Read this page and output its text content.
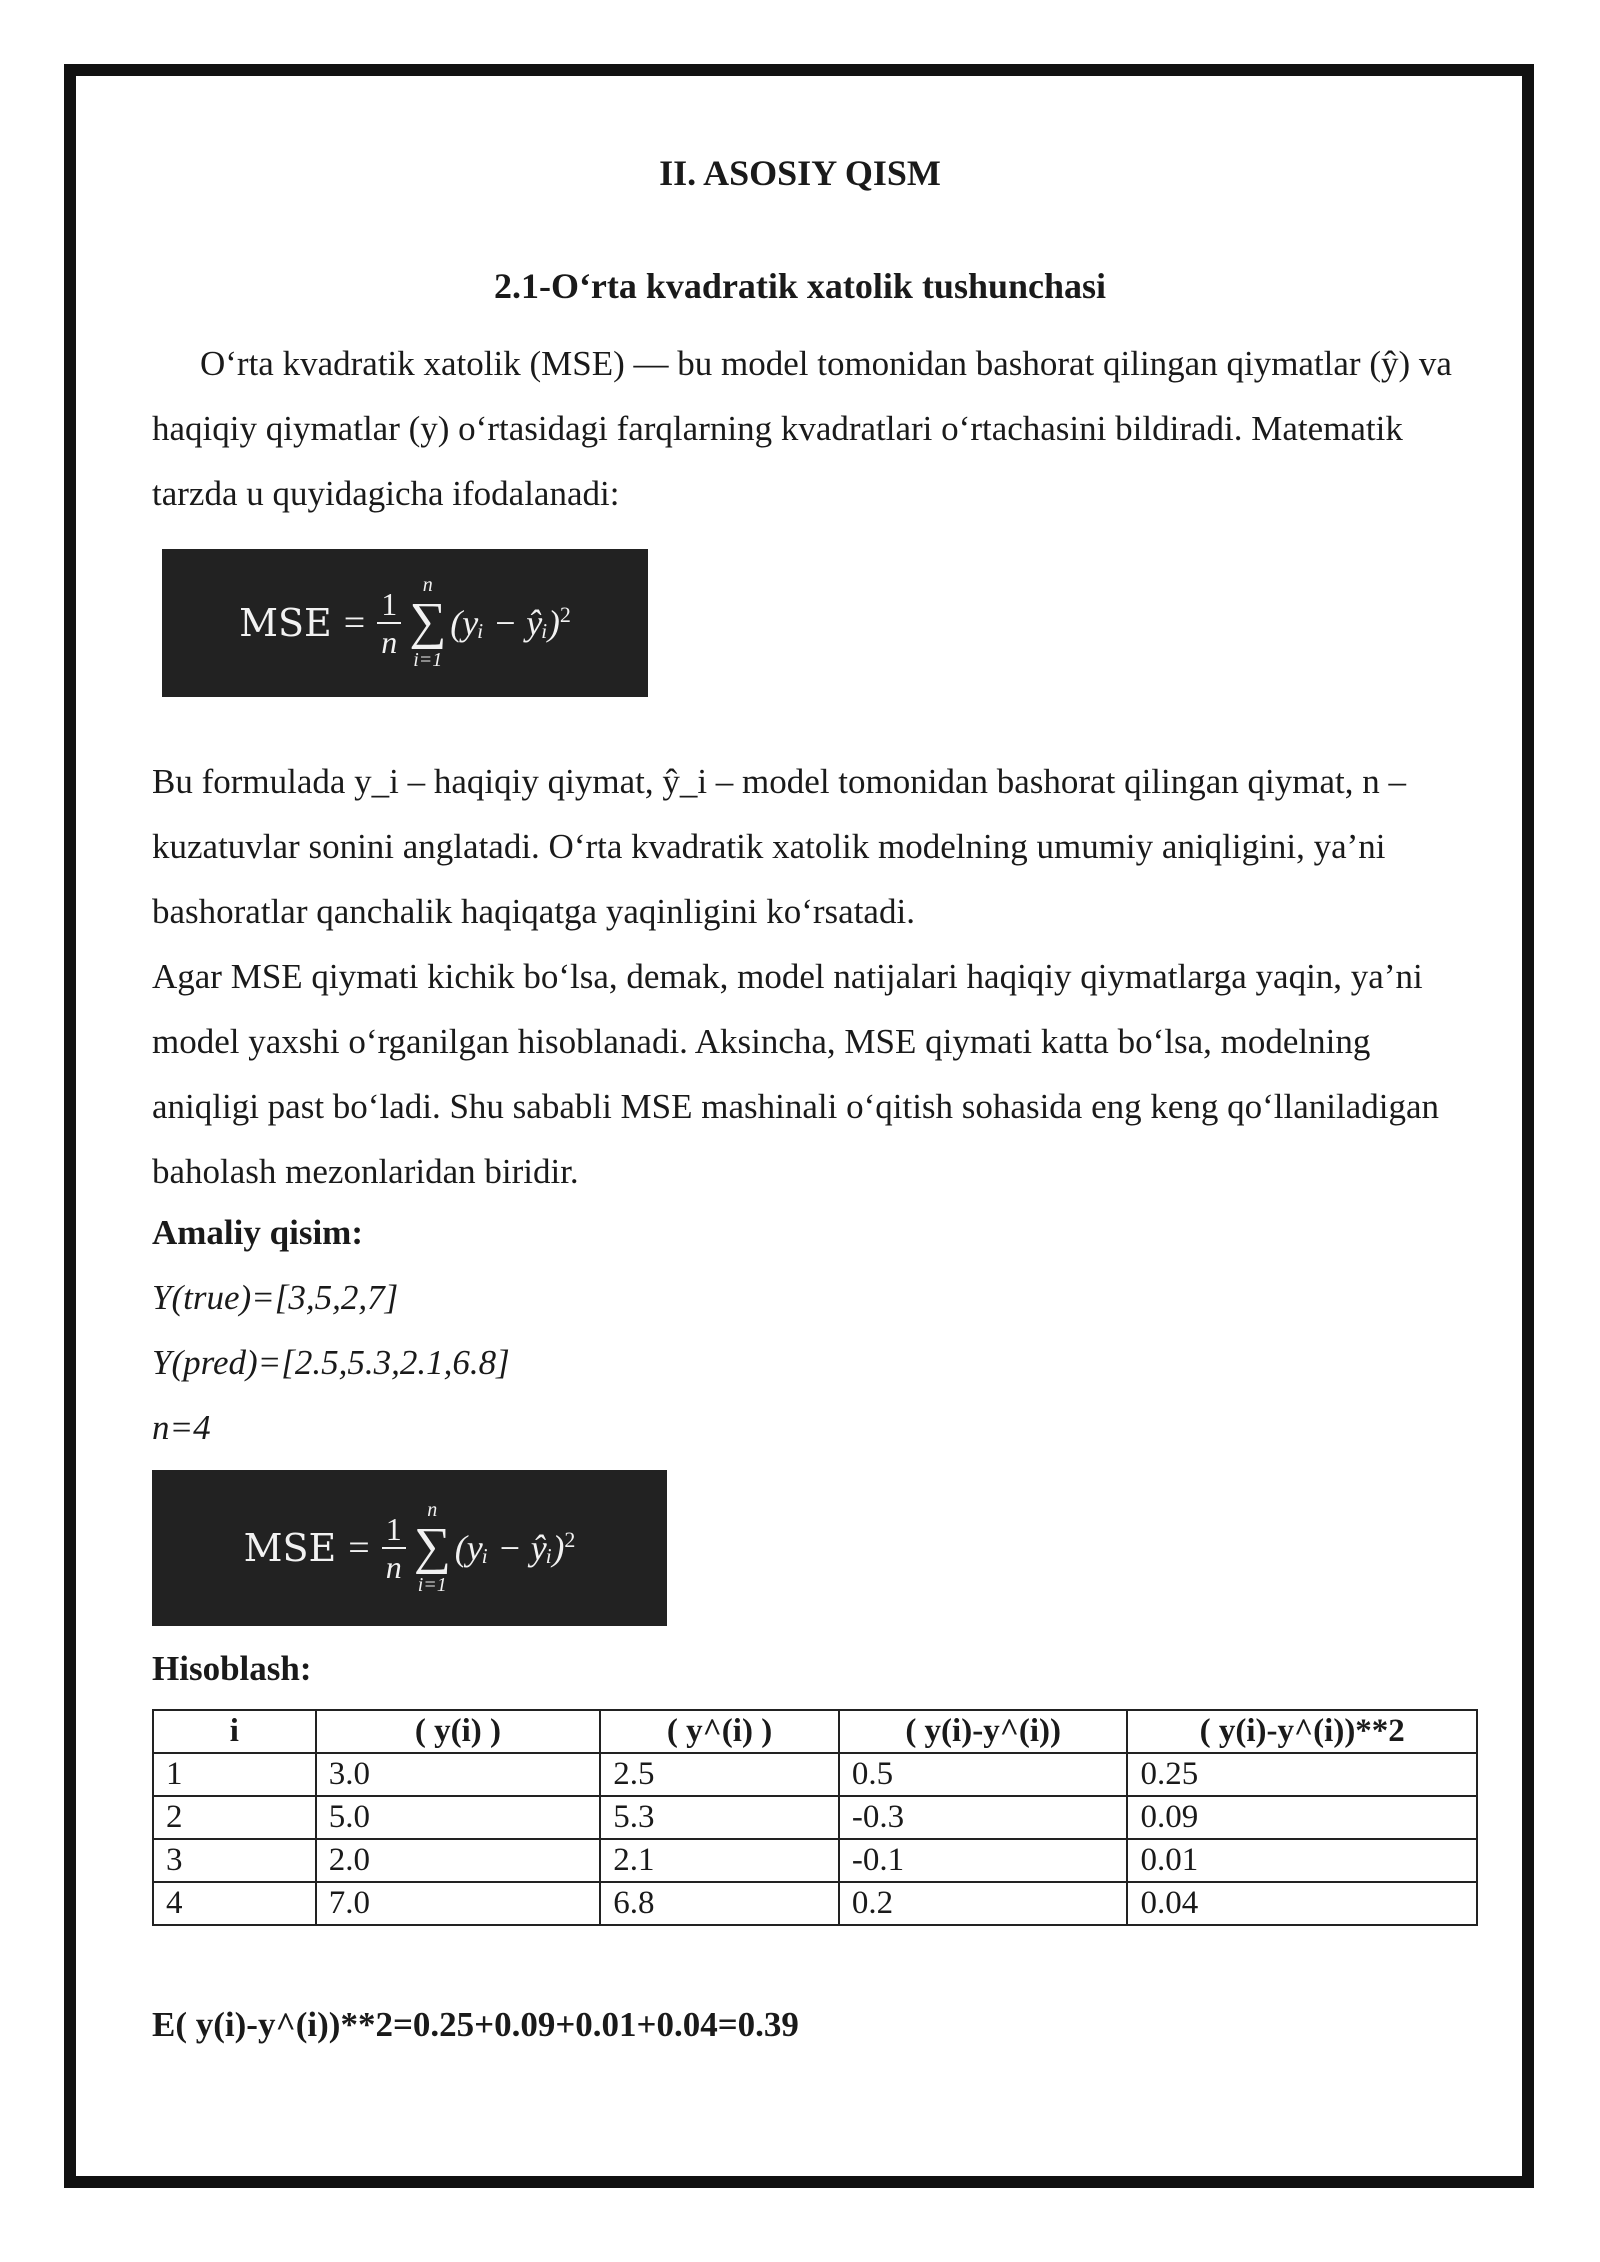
II. ASOSIY QISM
2.1-O‘rta kvadratik xatolik tushunchasi

O‘rta kvadratik xatolik (MSE) — bu model tomonidan bashorat qilingan qiymatlar (ŷ) va haqiqiy qiymatlar (y) o‘rtasidagi farqlarning kvadratlari o‘rtachasini bildiradi. Matematik tarzda u quyidagicha ifodalanadi:

MSE = $\frac{1}{n}$
n
∑
i=1
(yᵢ − ŷᵢ)$^2$

Bu formulada y_i – haqiqiy qiymat, ŷ_i – model tomonidan bashorat qilingan qiymat, n – kuzatuvlar sonini anglatadi. O‘rta kvadratik xatolik modelning umumiy aniqligini, ya’ni bashoratlar qanchalik haqiqatga yaqinligini ko‘rsatadi.

Agar MSE qiymati kichik bo‘lsa, demak, model natijalari haqiqiy qiymatlarga yaqin, ya’ni model yaxshi o‘rganilgan hisoblanadi. Aksincha, MSE qiymati katta bo‘lsa, modelning aniqligi past bo‘ladi. Shu sababli MSE mashinali o‘qitish sohasida eng keng qo‘llaniladigan baholash mezonlaridan biridir.

Amaliy qisim:
Y(true)=[3,5,2,7]
Y(pred)=[2.5,5.3,2.1,6.8]
n=4
MSE = $\frac{1}{n}$
n
∑
i=1
(yᵢ − ŷᵢ)$^2$
Hisoblash:
i	( y(i) )	( y^(i) )	( y(i)-y^(i))	( y(i)-y^(i))**2
1	3.0	2.5	0.5	0.25
2	5.0	5.3	-0.3	0.09
3	2.0	2.1	-0.1	0.01
4	7.0	6.8	0.2	0.04
E( y(i)-y^(i))**2=0.25+0.09+0.01+0.04=0.39
